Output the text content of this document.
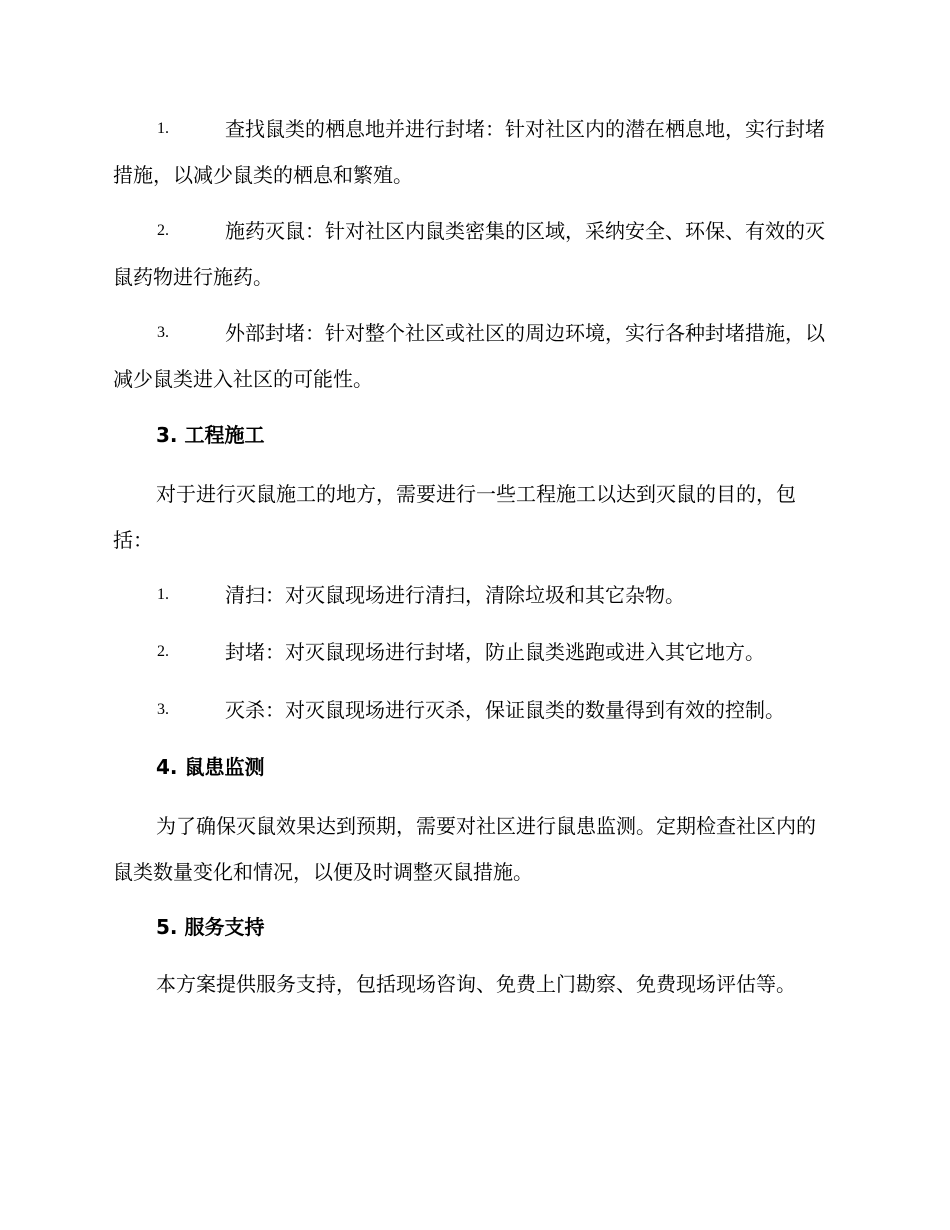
1.	查找鼠类的栖息地并进行封堵：针对社区内的潜在栖息地，实行封堵措施，以减少鼠类的栖息和繁殖。
2.	施药灭鼠：针对社区内鼠类密集的区域，采纳安全、环保、有效的灭鼠药物进行施药。
3.	外部封堵：针对整个社区或社区的周边环境，实行各种封堵措施，以减少鼠类进入社区的可能性。
3. 工程施工
对于进行灭鼠施工的地方，需要进行一些工程施工以达到灭鼠的目的，包括：
1.	清扫：对灭鼠现场进行清扫，清除垃圾和其它杂物。
2.	封堵：对灭鼠现场进行封堵，防止鼠类逃跑或进入其它地方。
3.	灭杀：对灭鼠现场进行灭杀，保证鼠类的数量得到有效的控制。
4. 鼠患监测
为了确保灭鼠效果达到预期，需要对社区进行鼠患监测。定期检查社区内的鼠类数量变化和情况，以便及时调整灭鼠措施。
5. 服务支持
本方案提供服务支持，包括现场咨询、免费上门勘察、免费现场评估等。
